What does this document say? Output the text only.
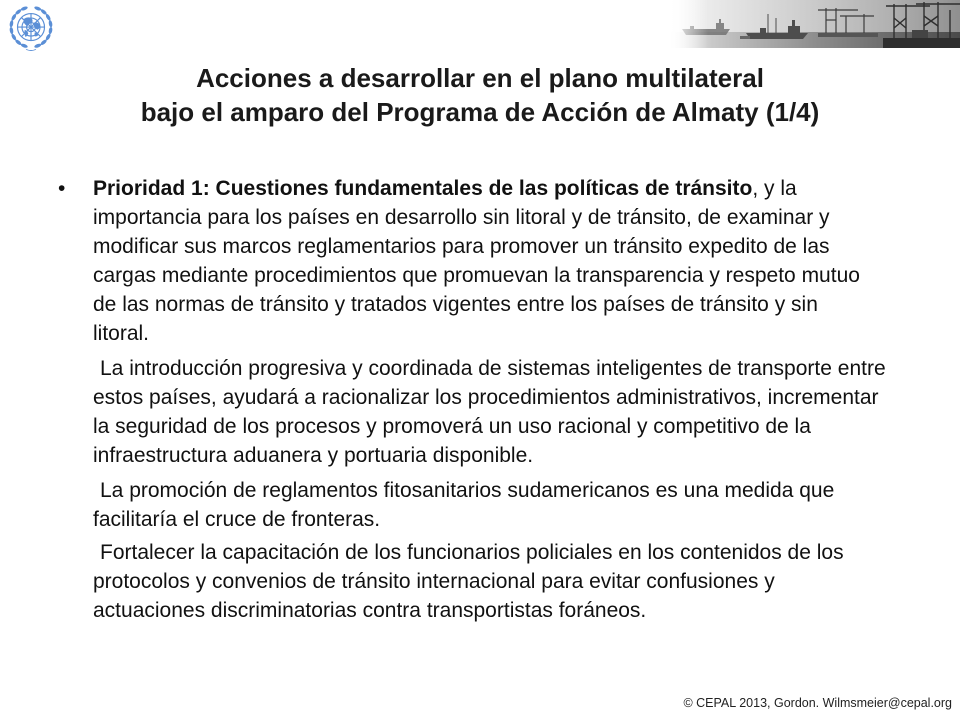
Acciones a desarrollar en el plano multilateral
bajo el amparo del Programa de Acción de Almaty (1/4)
• Prioridad 1: Cuestiones fundamentales de las políticas de tránsito, y la
importancia para los países en desarrollo sin litoral y de tránsito, de examinar y
modificar sus marcos reglamentarios para promover un tránsito expedito de las
cargas mediante procedimientos que promuevan la transparencia y respeto mutuo
de las normas de tránsito y tratados vigentes entre los países de tránsito y sin
litoral.
La introducción progresiva y coordinada de sistemas inteligentes de transporte entre
estos países, ayudará a racionalizar los procedimientos administrativos, incrementar
la seguridad de los procesos y promoverá un uso racional y competitivo de la
infraestructura aduanera y portuaria disponible.
La promoción de reglamentos fitosanitarios sudamericanos es una medida que
facilitaría el cruce de fronteras.
Fortalecer la capacitación de los funcionarios policiales en los contenidos de los
protocolos y convenios de tránsito internacional para evitar confusiones y
actuaciones discriminatorias contra transportistas foráneos.
© CEPAL 2013, Gordon. Wilmsmeier@cepal.org
